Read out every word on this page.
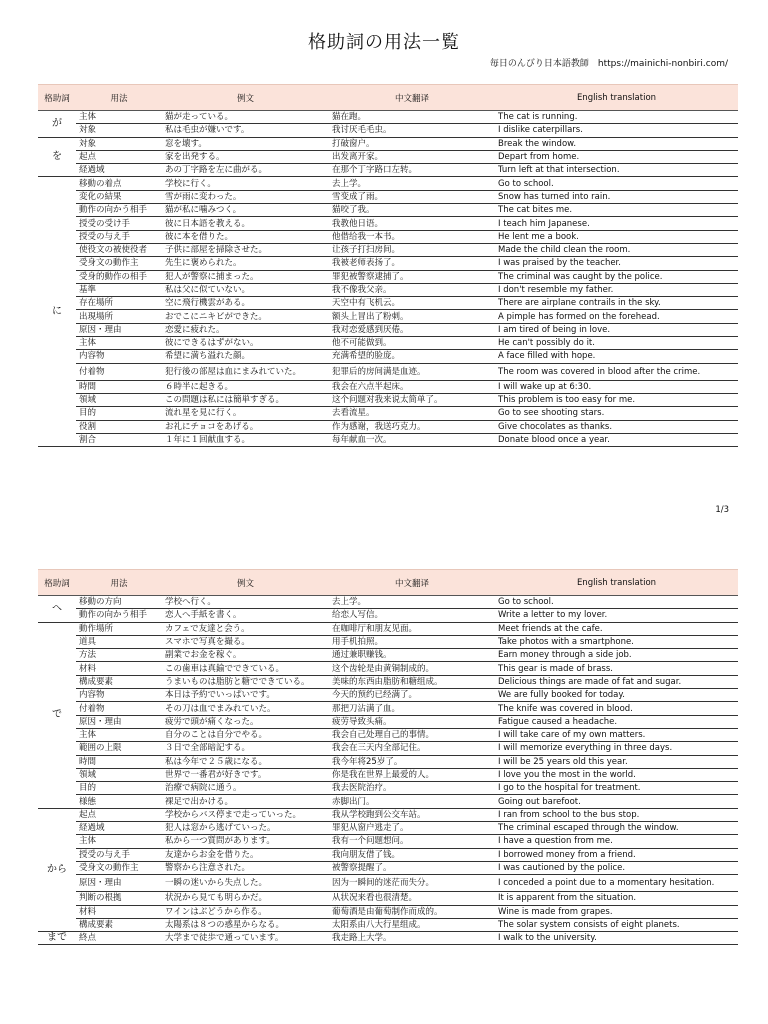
格助詞の用法一覧
毎日のんびり日本語教師　https://mainichi-nonbiri.com/
格助詞	用法	例文	中文翻译	English translation
が	主体	猫が走っている。	猫在跑。	The cat is running.
	対象	私は毛虫が嫌いです。	我讨厌毛毛虫。	I dislike caterpillars.
を	対象	窓を壊す。	打破窗户。	Break the window.
	起点	家を出発する。	出发离开家。	Depart from home.
	経過域	あの丁字路を左に曲がる。	在那个丁字路口左转。	Turn left at that intersection.
に	移動の着点	学校に行く。	去上学。	Go to school.
	変化の結果	雪が雨に変わった。	雪变成了雨。	Snow has turned into rain.
	動作の向かう相手	猫が私に噛みつく。	猫咬了我。	The cat bites me.
	授受の受け手	彼に日本語を教える。	我教他日语。	I teach him Japanese.
	授受の与え手	彼に本を借りた。	他借给我一本书。	He lent me a book.
	使役文の被使役者	子供に部屋を掃除させた。	让孩子打扫房间。	Made the child clean the room.
	受身文の動作主	先生に褒められた。	我被老师表扬了。	I was praised by the teacher.
	受身的動作の相手	犯人が警察に捕まった。	罪犯被警察逮捕了。	The criminal was caught by the police.
	基準	私は父に似ていない。	我不像我父亲。	I don't resemble my father.
	存在場所	空に飛行機雲がある。	天空中有飞机云。	There are airplane contrails in the sky.
	出現場所	おでこにニキビができた。	额头上冒出了粉刺。	A pimple has formed on the forehead.
	原因・理由	恋愛に疲れた。	我对恋爱感到厌倦。	I am tired of being in love.
	主体	彼にできるはずがない。	他不可能做到。	He can't possibly do it.
	内容物	希望に満ち溢れた顔。	充满希望的脸庞。	A face filled with hope.
	付着物	犯行後の部屋は血にまみれていた。	犯罪后的房间满是血迹。	The room was covered in blood after the crime.
	時間	６時半に起きる。	我会在六点半起床。	I will wake up at 6:30.
	領域	この問題は私には簡単すぎる。	这个问题对我来说太简单了。	This problem is too easy for me.
	目的	流れ星を見に行く。	去看流星。	Go to see shooting stars.
	役割	お礼にチョコをあげる。	作为感谢，我送巧克力。	Give chocolates as thanks.
	割合	１年に１回献血する。	每年献血一次。	Donate blood once a year.
1/3
格助詞	用法	例文	中文翻译	English translation
へ	移動の方向	学校へ行く。	去上学。	Go to school.
	動作の向かう相手	恋人へ手紙を書く。	给恋人写信。	Write a letter to my lover.
で	動作場所	カフェで友達と会う。	在咖啡厅和朋友见面。	Meet friends at the cafe.
	道具	スマホで写真を撮る。	用手机拍照。	Take photos with a smartphone.
	方法	副業でお金を稼ぐ。	通过兼职赚钱。	Earn money through a side job.
	材料	この歯車は真鍮でできている。	这个齿轮是由黄铜制成的。	This gear is made of brass.
	構成要素	うまいものは脂肪と糖でできている。	美味的东西由脂肪和糖组成。	Delicious things are made of fat and sugar.
	内容物	本日は予約でいっぱいです。	今天的预约已经满了。	We are fully booked for today.
	付着物	その刀は血でまみれていた。	那把刀沾满了血。	The knife was covered in blood.
	原因・理由	疲労で頭が痛くなった。	疲劳导致头痛。	Fatigue caused a headache.
	主体	自分のことは自分でやる。	我会自己处理自己的事情。	I will take care of my own matters.
	範囲の上限	３日で全部暗記する。	我会在三天内全部记住。	I will memorize everything in three days.
	時間	私は今年で２５歳になる。	我今年将25岁了。	I will be 25 years old this year.
	領域	世界で一番君が好きです。	你是我在世界上最爱的人。	I love you the most in the world.
	目的	治療で病院に通う。	我去医院治疗。	I go to the hospital for treatment.
	様態	裸足で出かける。	赤脚出门。	Going out barefoot.
から	起点	学校からバス停まで走っていった。	我从学校跑到公交车站。	I ran from school to the bus stop.
	経過域	犯人は窓から逃げていった。	罪犯从窗户逃走了。	The criminal escaped through the window.
	主体	私から一つ質問があります。	我有一个问题想问。	I have a question from me.
	授受の与え手	友達からお金を借りた。	我向朋友借了钱。	I borrowed money from a friend.
	受身文の動作主	警察から注意された。	被警察提醒了。	I was cautioned by the police.
	原因・理由	一瞬の迷いから失点した。	因为一瞬间的迷茫而失分。	I conceded a point due to a momentary hesitation.
	判断の根拠	状況から見ても明らかだ。	从状况来看也很清楚。	It is apparent from the situation.
	材料	ワインはぶどうから作る。	葡萄酒是由葡萄制作而成的。	Wine is made from grapes.
	構成要素	太陽系は８つの惑星からなる。	太阳系由八大行星组成。	The solar system consists of eight planets.
まで	終点	大学まで徒歩で通っています。	我走路上大学。	I walk to the university.
